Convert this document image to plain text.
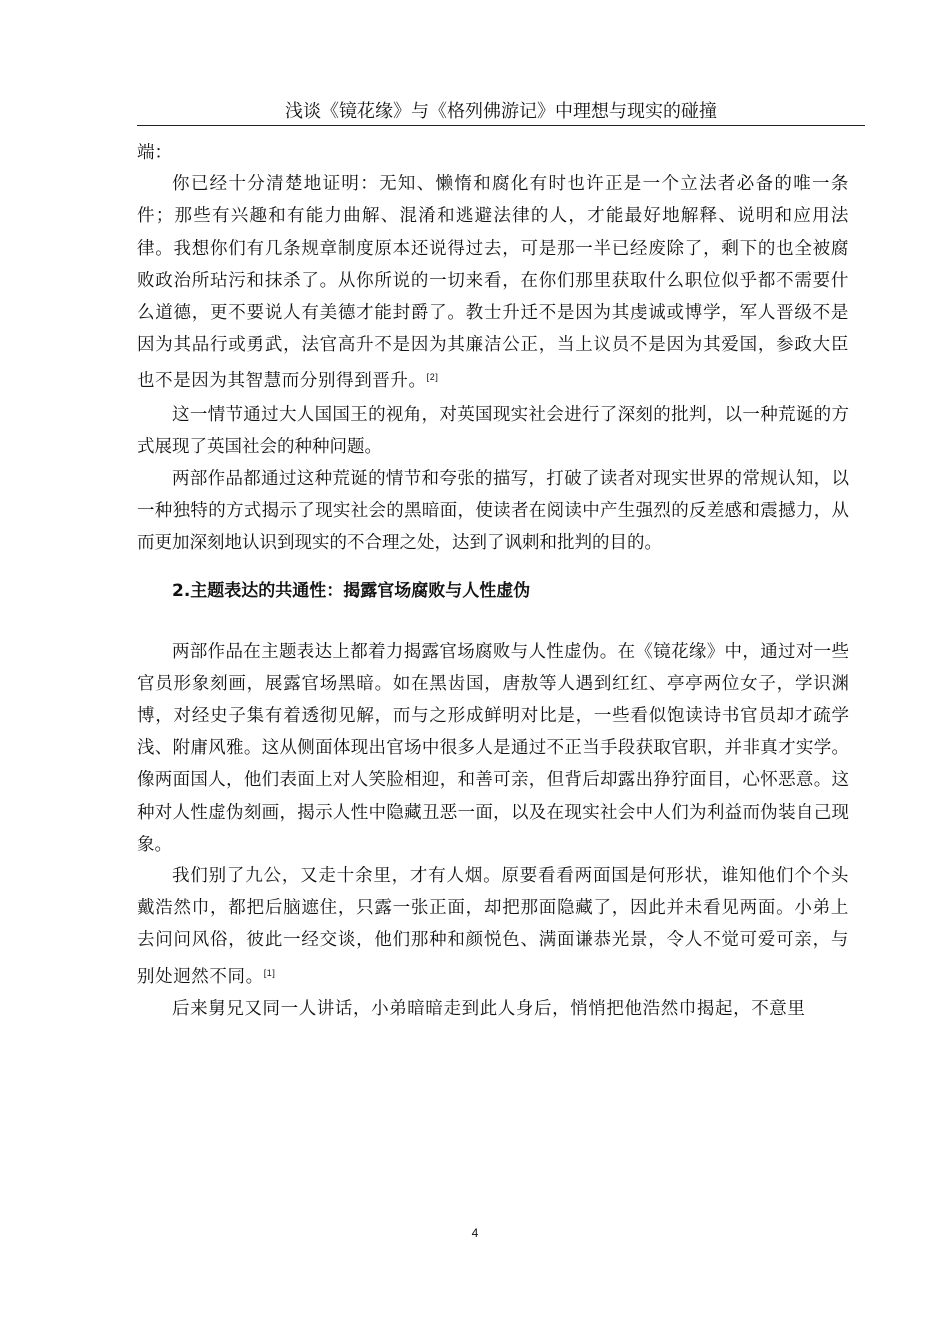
浅谈《镜花缘》与《格列佛游记》中理想与现实的碰撞

端：

你已经十分清楚地证明：无知、懒惰和腐化有时也许正是一个立法者必备的唯一条件；那些有兴趣和有能力曲解、混淆和逃避法律的人，才能最好地解释、说明和应用法律。我想你们有几条规章制度原本还说得过去，可是那一半已经废除了，剩下的也全被腐败政治所玷污和抹杀了。从你所说的一切来看，在你们那里获取什么职位似乎都不需要什么道德，更不要说人有美德才能封爵了。教士升迁不是因为其虔诚或博学，军人晋级不是因为其品行或勇武，法官高升不是因为其廉洁公正，当上议员不是因为其爱国，参政大臣也不是因为其智慧而分别得到晋升。[2]

这一情节通过大人国国王的视角，对英国现实社会进行了深刻的批判，以一种荒诞的方式展现了英国社会的种种问题。

两部作品都通过这种荒诞的情节和夸张的描写，打破了读者对现实世界的常规认知，以一种独特的方式揭示了现实社会的黑暗面，使读者在阅读中产生强烈的反差感和震撼力，从而更加深刻地认识到现实的不合理之处，达到了讽刺和批判的目的。

2.主题表达的共通性：揭露官场腐败与人性虚伪

两部作品在主题表达上都着力揭露官场腐败与人性虚伪。在《镜花缘》中，通过对一些官员形象刻画，展露官场黑暗。如在黑齿国，唐敖等人遇到红红、亭亭两位女子，学识渊博，对经史子集有着透彻见解，而与之形成鲜明对比是，一些看似饱读诗书官员却才疏学浅、附庸风雅。这从侧面体现出官场中很多人是通过不正当手段获取官职，并非真才实学。像两面国人，他们表面上对人笑脸相迎，和善可亲，但背后却露出狰狞面目，心怀恶意。这种对人性虚伪刻画，揭示人性中隐藏丑恶一面，以及在现实社会中人们为利益而伪装自己现象。

我们别了九公，又走十余里，才有人烟。原要看看两面国是何形状，谁知他们个个头戴浩然巾，都把后脑遮住，只露一张正面，却把那面隐藏了，因此并未看见两面。小弟上去问问风俗，彼此一经交谈，他们那种和颜悦色、满面谦恭光景，令人不觉可爱可亲，与别处迥然不同。[1]

后来舅兄又同一人讲话，小弟暗暗走到此人身后，悄悄把他浩然巾揭起，不意里

4
